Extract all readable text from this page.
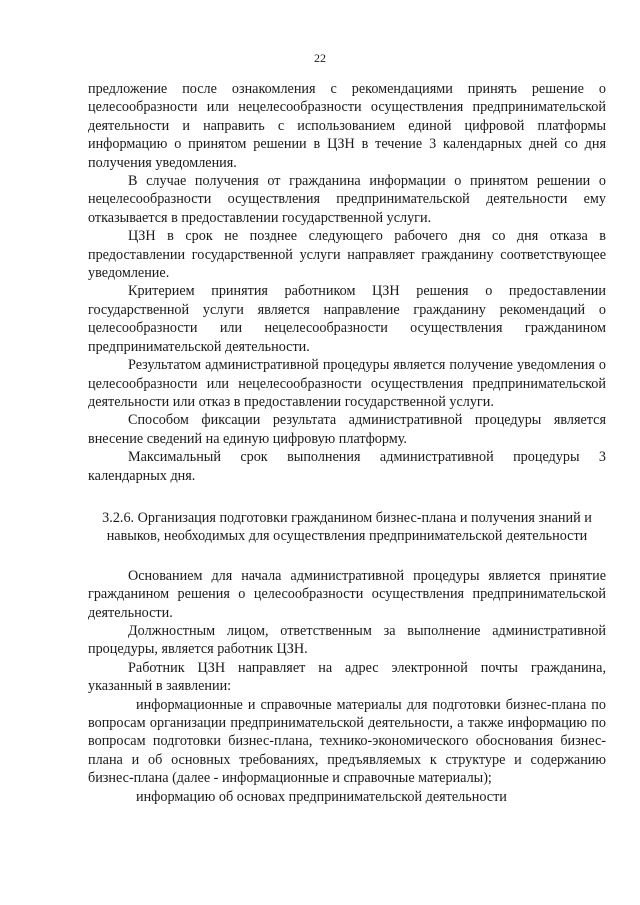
22

предложение после ознакомления с рекомендациями принять решение о целесообразности или нецелесообразности осуществления предпринимательской деятельности и направить с использованием единой цифровой платформы информацию о принятом решении в ЦЗН в течение 3 календарных дней со дня получения уведомления.

В случае получения от гражданина информации о принятом решении о нецелесообразности осуществления предпринимательской деятельности ему отказывается в предоставлении государственной услуги.

ЦЗН в срок не позднее следующего рабочего дня со дня отказа в предоставлении государственной услуги направляет гражданину соответствующее уведомление.

Критерием принятия работником ЦЗН решения о предоставлении государственной услуги является направление гражданину рекомендаций о целесообразности или нецелесообразности осуществления гражданином предпринимательской деятельности.

Результатом административной процедуры является получение уведомления о целесообразности или нецелесообразности осуществления предпринимательской деятельности или отказ в предоставлении государственной услуги.

Способом фиксации результата административной процедуры является внесение сведений на единую цифровую платформу.

Максимальный срок выполнения административной процедуры 3 календарных дня.

3.2.6. Организация подготовки гражданином бизнес-плана и получения знаний и навыков, необходимых для осуществления предпринимательской деятельности

Основанием для начала административной процедуры является принятие гражданином решения о целесообразности осуществления предпринимательской деятельности.

Должностным лицом, ответственным за выполнение административной процедуры, является работник ЦЗН.

Работник ЦЗН направляет на адрес электронной почты гражданина, указанный в заявлении:

информационные и справочные материалы для подготовки бизнес-плана по вопросам организации предпринимательской деятельности, а также информацию по вопросам подготовки бизнес-плана, технико-экономического обоснования бизнес-плана и об основных требованиях, предъявляемых к структуре и содержанию бизнес-плана (далее - информационные и справочные материалы);

информацию об основах предпринимательской деятельности
